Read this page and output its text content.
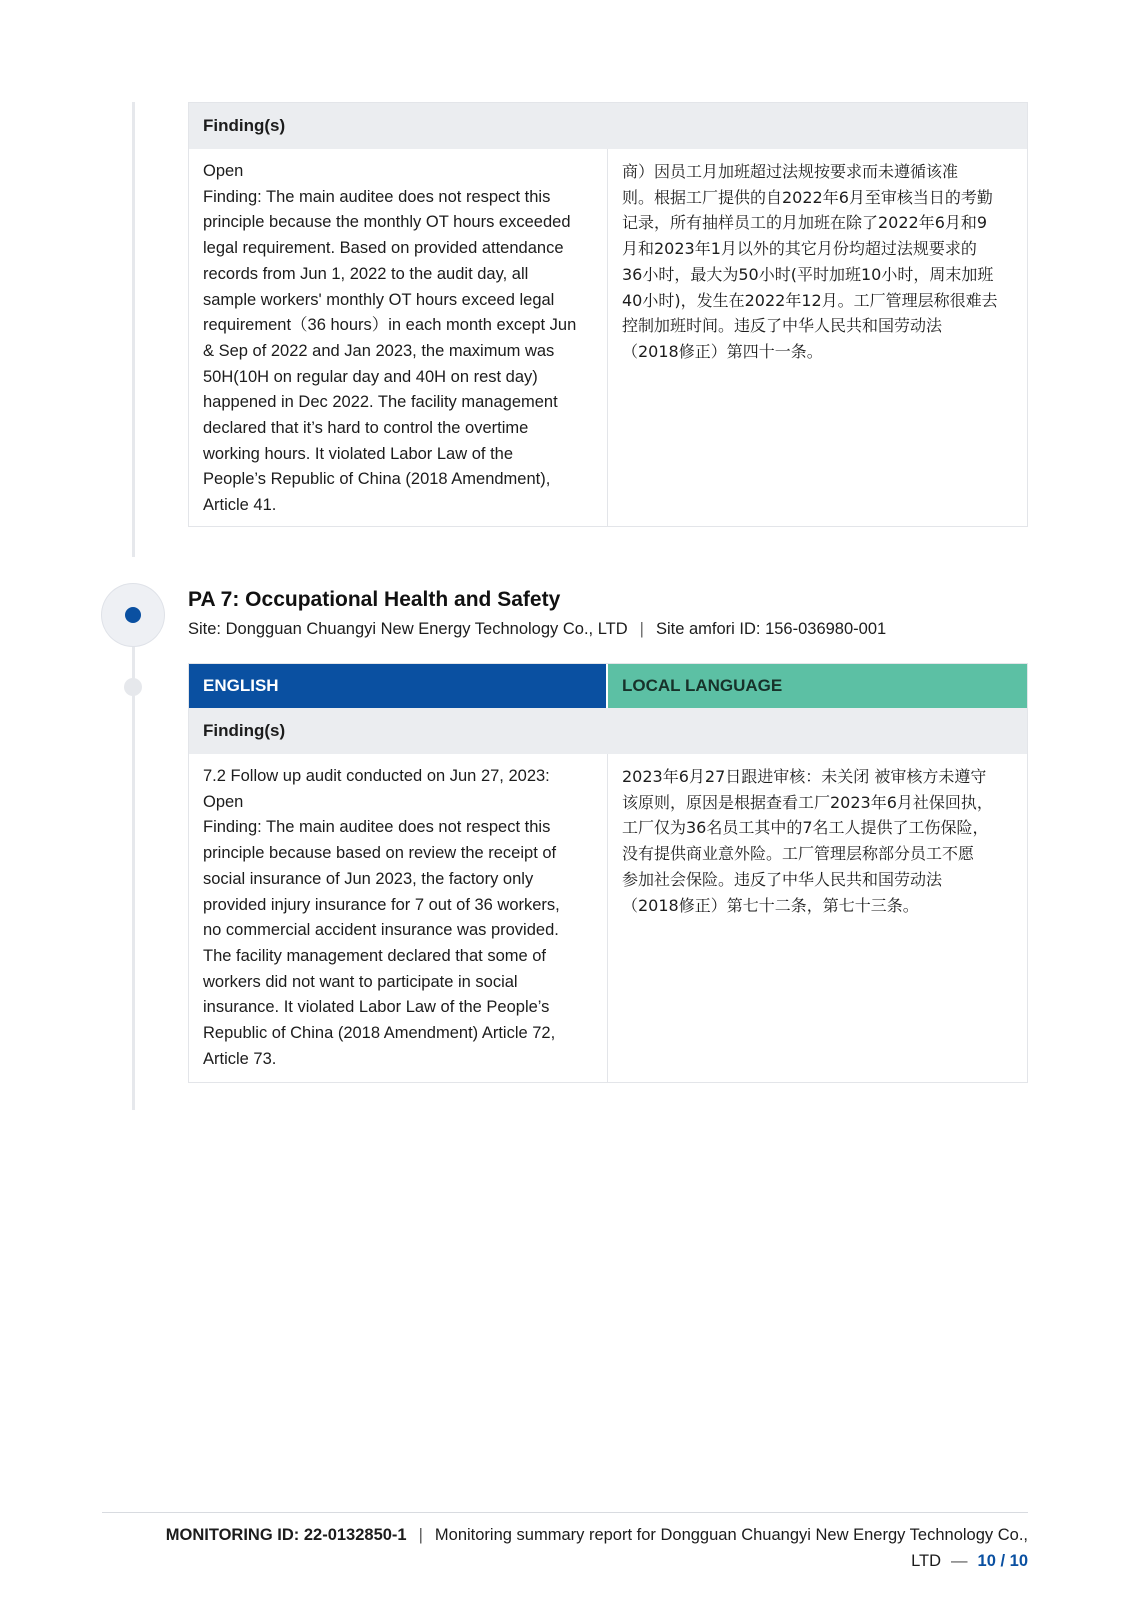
Finding(s)
Open
Finding: The main auditee does not respect this
principle because the monthly OT hours exceeded
legal requirement. Based on provided attendance
records from Jun 1, 2022 to the audit day, all
sample workers' monthly OT hours exceed legal
requirement（36 hours）in each month except Jun
& Sep of 2022 and Jan 2023, the maximum was
50H(10H on regular day and 40H on rest day)
happened in Dec 2022. The facility management
declared that it’s hard to control the overtime
working hours. It violated Labor Law of the
People’s Republic of China (2018 Amendment),
Article 41.
商）因员工月加班超过法规按要求而未遵循该准
则。根据工厂提供的自2022年6月至审核当日的考勤
记录，所有抽样员工的月加班在除了2022年6月和9
月和2023年1月以外的其它月份均超过法规要求的
36小时，最大为50小时(平时加班10小时，周末加班
40小时)，发生在2022年12月。工厂管理层称很难去
控制加班时间。违反了中华人民共和国劳动法
（2018修正）第四十一条。
PA 7: Occupational Health and Safety
Site: Dongguan Chuangyi New Energy Technology Co., LTD | Site amfori ID: 156-036980-001
ENGLISH	LOCAL LANGUAGE
Finding(s)
7.2 Follow up audit conducted on Jun 27, 2023:
Open
Finding: The main auditee does not respect this
principle because based on review the receipt of
social insurance of Jun 2023, the factory only
provided injury insurance for 7 out of 36 workers,
no commercial accident insurance was provided.
The facility management declared that some of
workers did not want to participate in social
insurance. It violated Labor Law of the People’s
Republic of China (2018 Amendment) Article 72,
Article 73.
2023年6月27日跟进审核：未关闭 被审核方未遵守
该原则，原因是根据查看工厂2023年6月社保回执，
工厂仅为36名员工其中的7名工人提供了工伤保险，
没有提供商业意外险。工厂管理层称部分员工不愿
参加社会保险。违反了中华人民共和国劳动法
（2018修正）第七十二条，第七十三条。
MONITORING ID: 22-0132850-1 | Monitoring summary report for Dongguan Chuangyi New Energy Technology Co.,
LTD — 10 / 10
